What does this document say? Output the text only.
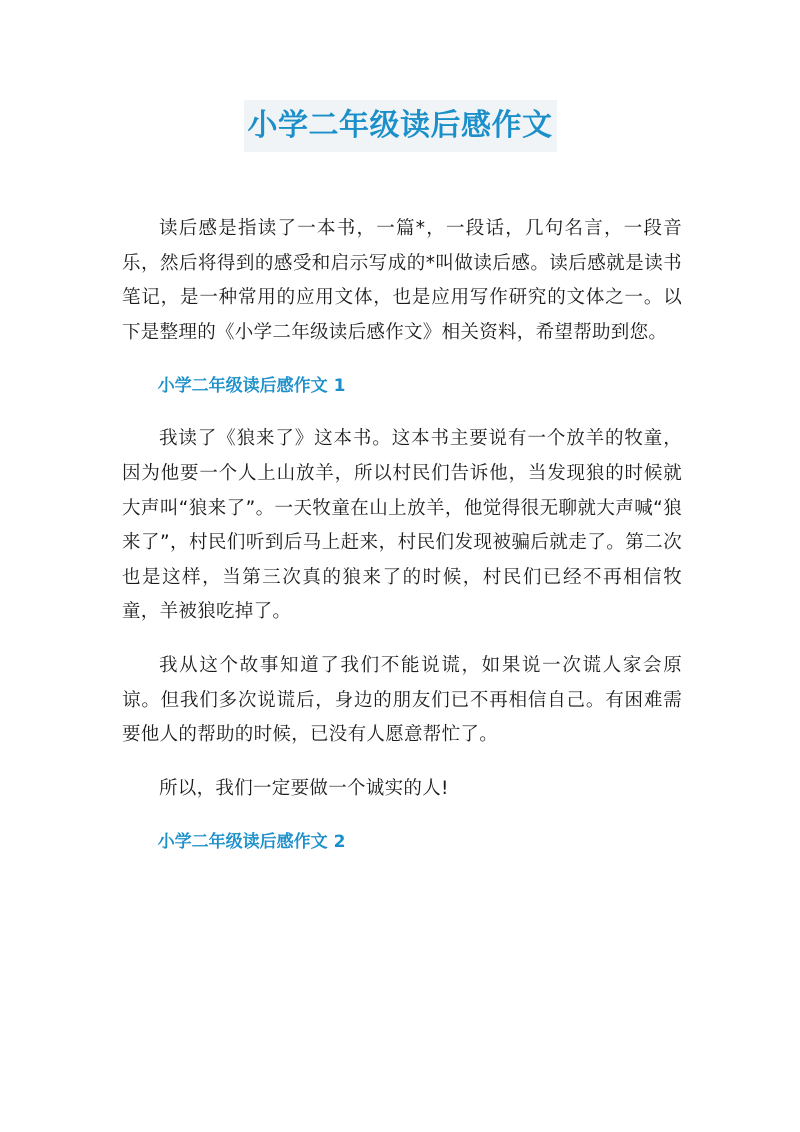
小学二年级读后感作文

读后感是指读了一本书，一篇*，一段话，几句名言，一段音乐，然后将得到的感受和启示写成的*叫做读后感。读后感就是读书笔记，是一种常用的应用文体，也是应用写作研究的文体之一。以下是整理的《小学二年级读后感作文》相关资料，希望帮助到您。

小学二年级读后感作文 1

我读了《狼来了》这本书。这本书主要说有一个放羊的牧童，因为他要一个人上山放羊，所以村民们告诉他，当发现狼的时候就大声叫“狼来了”。一天牧童在山上放羊，他觉得很无聊就大声喊“狼来了”，村民们听到后马上赶来，村民们发现被骗后就走了。第二次也是这样，当第三次真的狼来了的时候，村民们已经不再相信牧童，羊被狼吃掉了。

我从这个故事知道了我们不能说谎，如果说一次谎人家会原谅。但我们多次说谎后，身边的朋友们已不再相信自己。有困难需要他人的帮助的时候，已没有人愿意帮忙了。

所以，我们一定要做一个诚实的人!

小学二年级读后感作文 2
